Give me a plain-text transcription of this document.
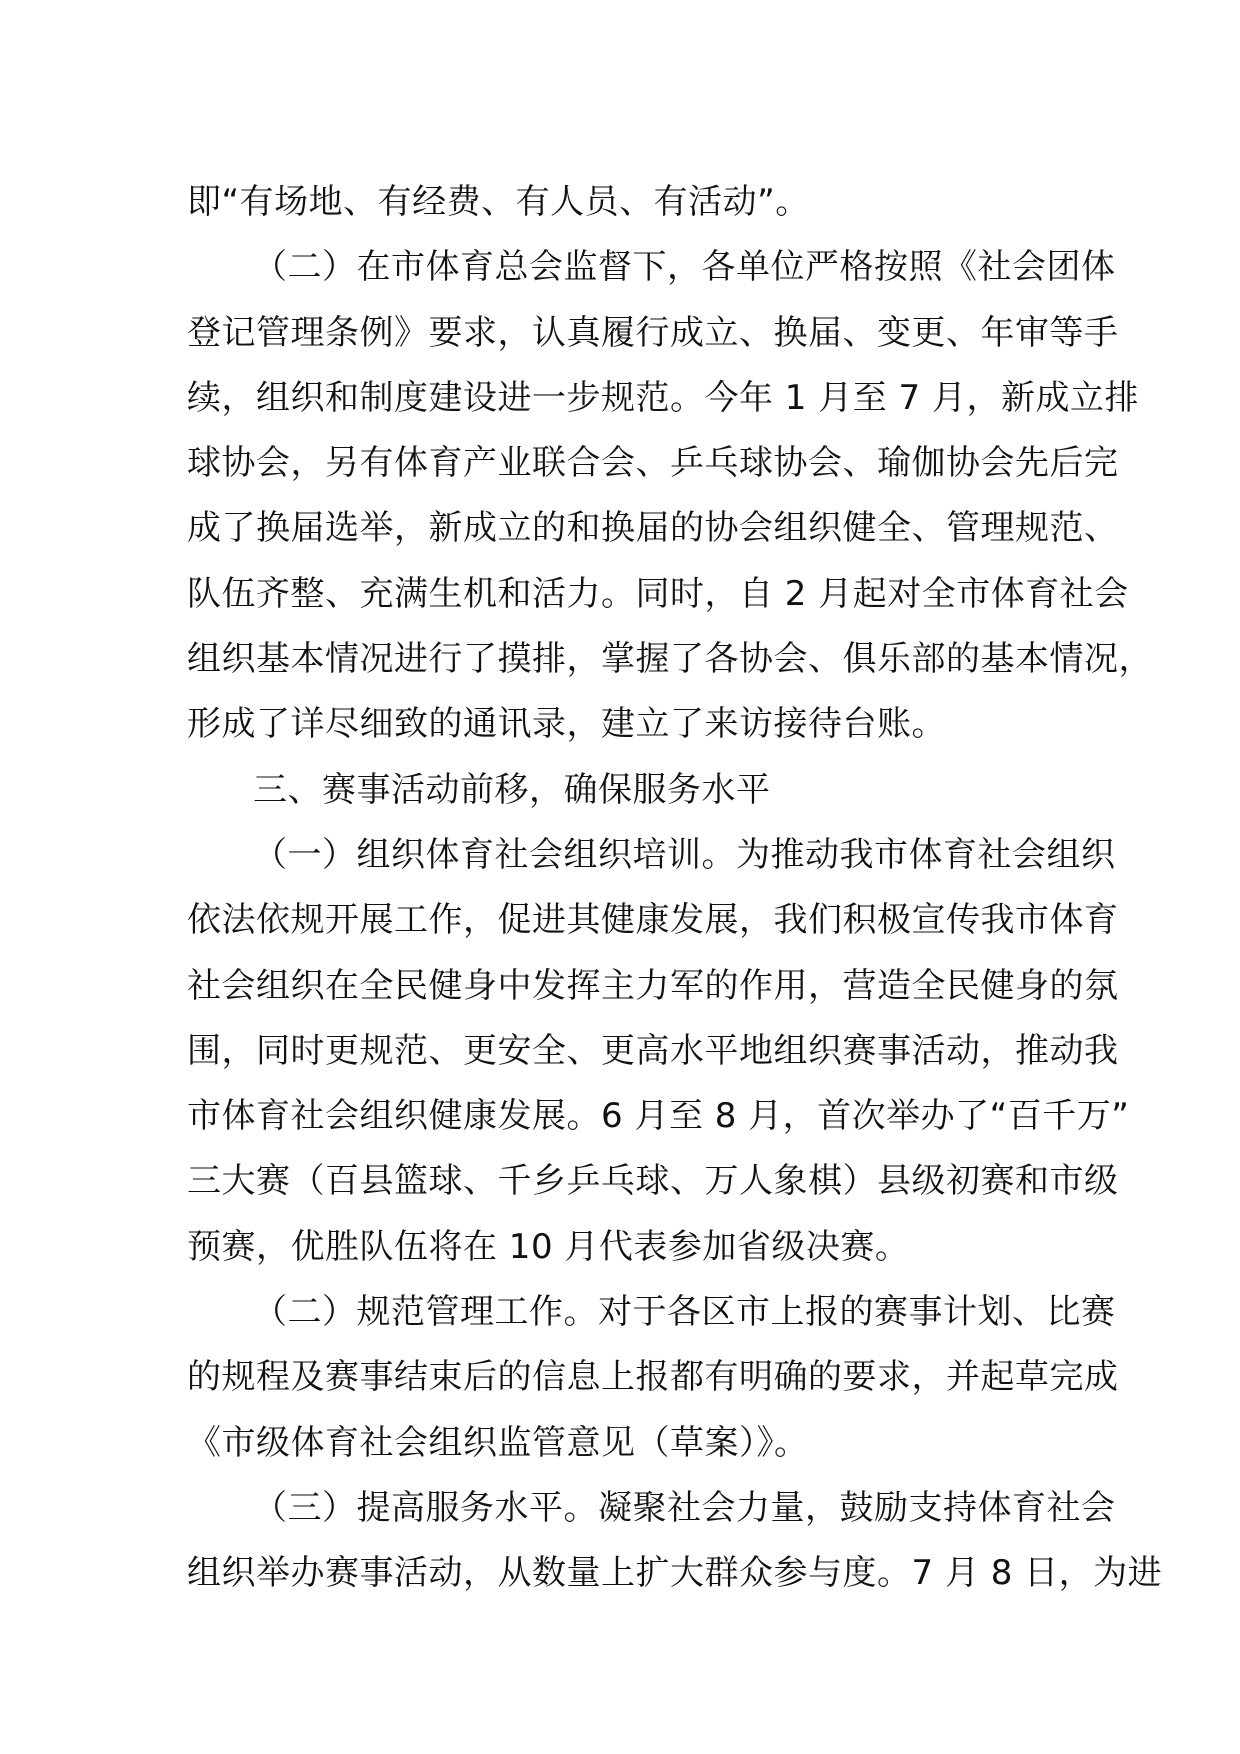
即“有场地、有经费、有人员、有活动”。
（二）在市体育总会监督下，各单位严格按照《社会团体
登记管理条例》要求，认真履行成立、换届、变更、年审等手
续，组织和制度建设进一步规范。今年 1 月至 7 月，新成立排
球协会，另有体育产业联合会、乒乓球协会、瑜伽协会先后完
成了换届选举，新成立的和换届的协会组织健全、管理规范、
队伍齐整、充满生机和活力。同时，自 2 月起对全市体育社会
组织基本情况进行了摸排，掌握了各协会、俱乐部的基本情况，
形成了详尽细致的通讯录，建立了来访接待台账。
三、赛事活动前移，确保服务水平
（一）组织体育社会组织培训。为推动我市体育社会组织
依法依规开展工作，促进其健康发展，我们积极宣传我市体育
社会组织在全民健身中发挥主力军的作用，营造全民健身的氛
围，同时更规范、更安全、更高水平地组织赛事活动，推动我
市体育社会组织健康发展。6 月至 8 月，首次举办了“百千万”
三大赛（百县篮球、千乡乒乓球、万人象棋）县级初赛和市级
预赛，优胜队伍将在 10 月代表参加省级决赛。
（二）规范管理工作。对于各区市上报的赛事计划、比赛
的规程及赛事结束后的信息上报都有明确的要求，并起草完成
《市级体育社会组织监管意见（草案）》。
（三）提高服务水平。凝聚社会力量，鼓励支持体育社会
组织举办赛事活动，从数量上扩大群众参与度。7 月 8 日，为进
